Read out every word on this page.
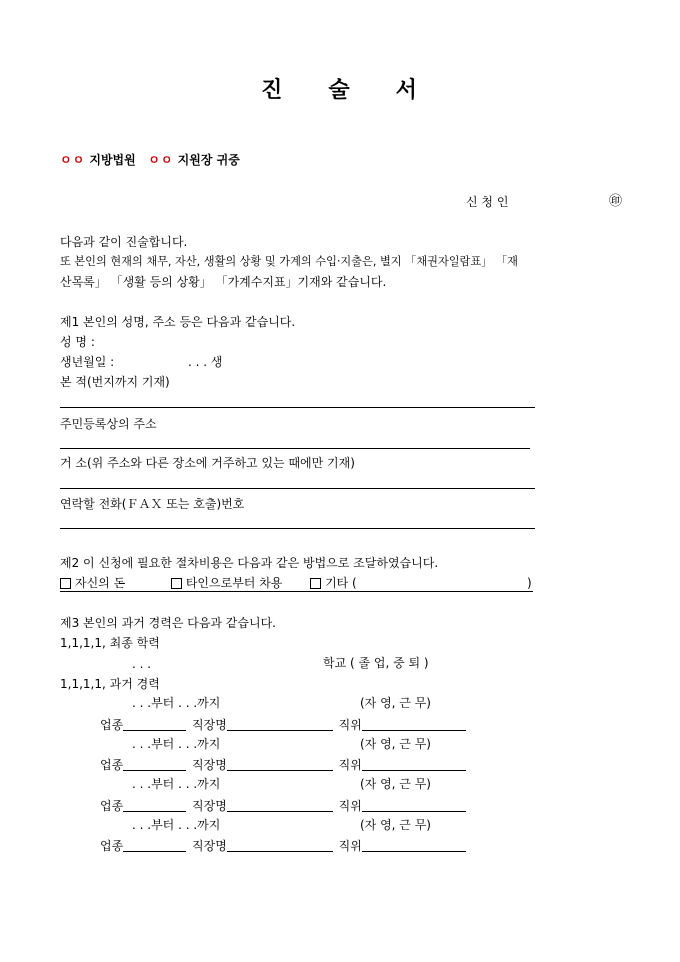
진 술 서
ㅇㅇ 지방법원 ㅇㅇ 지원장 귀중
신 청 인	㊞
다음과 같이 진술합니다.
또 본인의 현재의 채무, 자산, 생활의 상황 및 가계의 수입·지출은, 별지 「채권자일람표」 「재
산목록」 「생활 등의 상황」 「가계수지표」기재와 같습니다.
제1 본인의 성명, 주소 등은 다음과 같습니다.
성 명 :
생년월일 :	. . . 생
본 적(번지까지 기재)
주민등록상의 주소
거 소(위 주소와 다른 장소에 거주하고 있는 때에만 기재)
연락할 전화(ＦＡＸ 또는 호출)번호
제2 이 신청에 필요한 절차비용은 다음과 같은 방법으로 조달하였습니다.
자신의 돈	타인으로부터 차용	기타 (	)
제3 본인의 과거 경력은 다음과 같습니다.
1,1,1,1, 최종 학력
. . .	학교 ( 졸 업, 중 퇴 )
1,1,1,1, 과거 경력
. . .부터 . . .까지	(자 영, 근 무)
업종	직장명	직위
. . .부터 . . .까지	(자 영, 근 무)
업종	직장명	직위
. . .부터 . . .까지	(자 영, 근 무)
업종	직장명	직위
. . .부터 . . .까지	(자 영, 근 무)
업종	직장명	직위
